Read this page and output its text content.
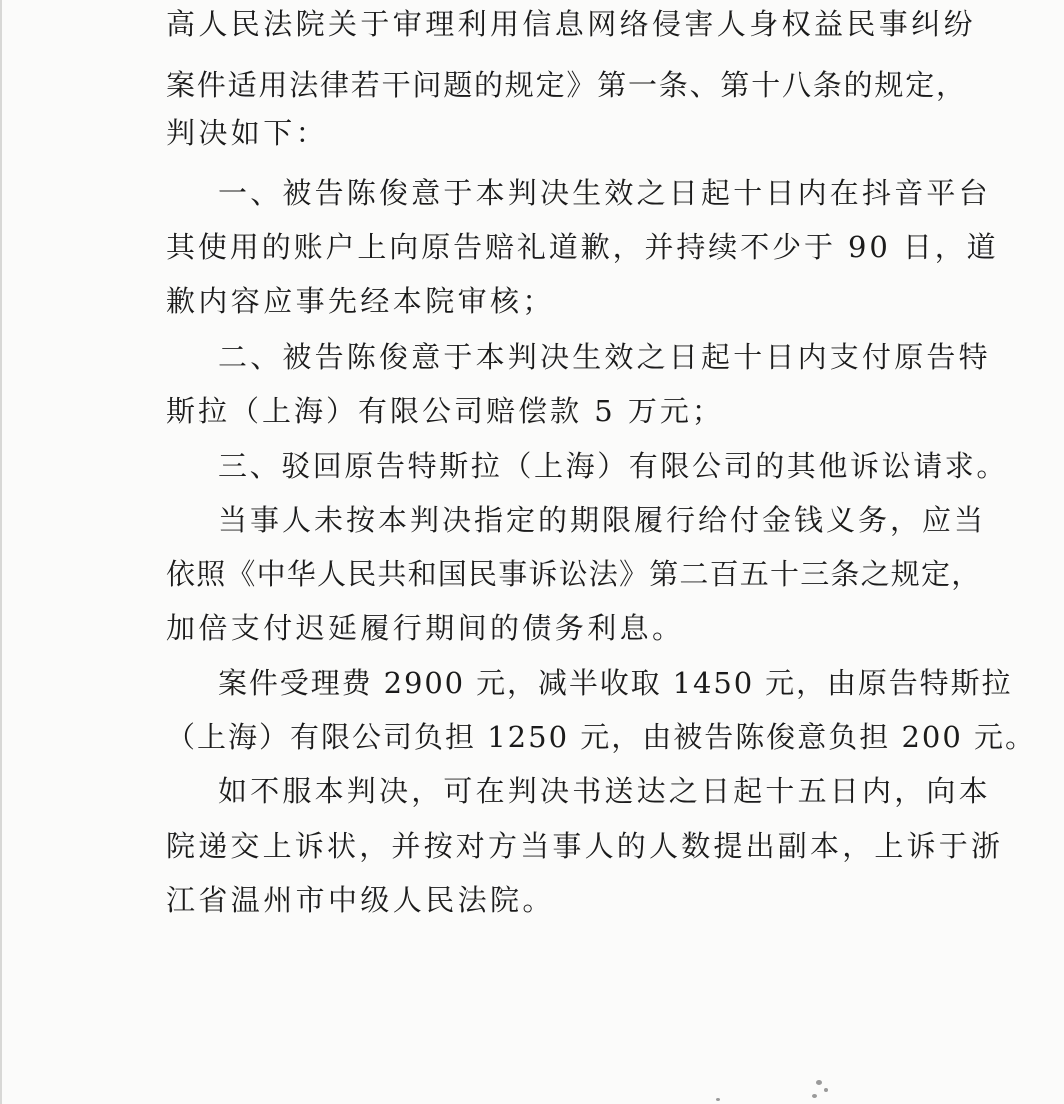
高人民法院关于审理利用信息网络侵害人身权益民事纠纷
案件适用法律若干问题的规定》第一条、第十八条的规定，
判决如下：
一、被告陈俊意于本判决生效之日起十日内在抖音平台
其使用的账户上向原告赔礼道歉，并持续不少于 90 日，道
歉内容应事先经本院审核；
二、被告陈俊意于本判决生效之日起十日内支付原告特
斯拉（上海）有限公司赔偿款 5 万元；
三、驳回原告特斯拉（上海）有限公司的其他诉讼请求。
当事人未按本判决指定的期限履行给付金钱义务，应当
依照《中华人民共和国民事诉讼法》第二百五十三条之规定，
加倍支付迟延履行期间的债务利息。
案件受理费 2900 元，减半收取 1450 元，由原告特斯拉
（上海）有限公司负担 1250 元，由被告陈俊意负担 200 元。
如不服本判决，可在判决书送达之日起十五日内，向本
院递交上诉状，并按对方当事人的人数提出副本，上诉于浙
江省温州市中级人民法院。
